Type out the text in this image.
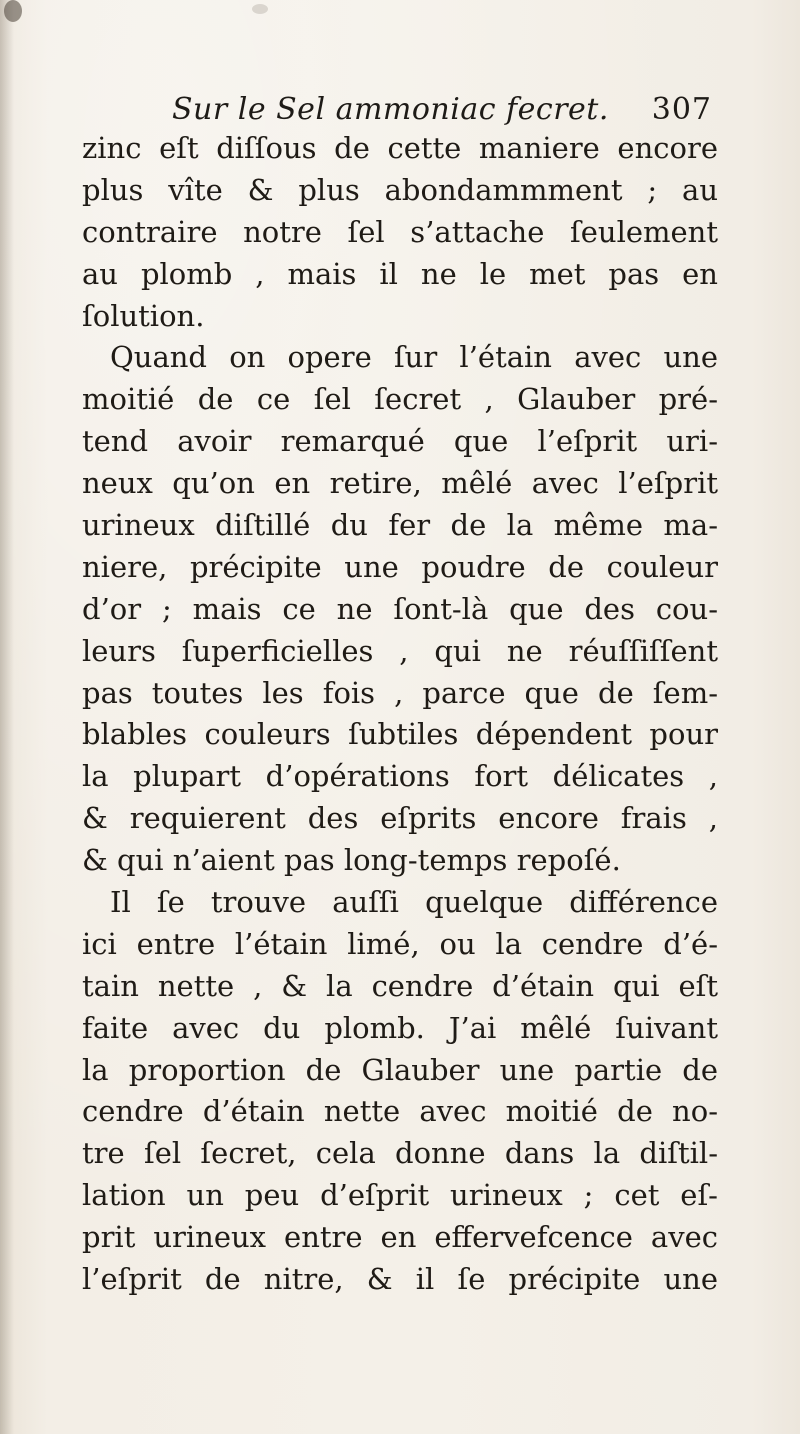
Sur le Sel ammoniac fecret. 307
zinc eſt diſſous de cette maniere encore
plus vîte & plus abondammment ; au
contraire notre ſel s’attache ſeulement
au plomb , mais il ne le met pas en
ſolution.
Quand on opere ſur l’étain avec une
moitié de ce ſel ſecret , Glauber pré-
tend avoir remarqué que l’eſprit uri-
neux qu’on en retire, mêlé avec l’eſprit
urineux diſtillé du fer de la même ma-
niere, précipite une poudre de couleur
d’or ; mais ce ne ſont-là que des cou-
leurs ſuperficielles , qui ne réuſſiſſent
pas toutes les fois , parce que de ſem-
blables couleurs ſubtiles dépendent pour
la plupart d’opérations fort délicates ,
& requierent des eſprits encore frais ,
& qui n’aient pas long-temps repoſé.
Il ſe trouve auſſi quelque différence
ici entre l’étain limé, ou la cendre d’é-
tain nette , & la cendre d’étain qui eſt
faite avec du plomb. J’ai mêlé ſuivant
la proportion de Glauber une partie de
cendre d’étain nette avec moitié de no-
tre ſel ſecret, cela donne dans la diſtil-
lation un peu d’eſprit urineux ; cet eſ-
prit urineux entre en effervefcence avec
l’eſprit de nitre, & il ſe précipite une
